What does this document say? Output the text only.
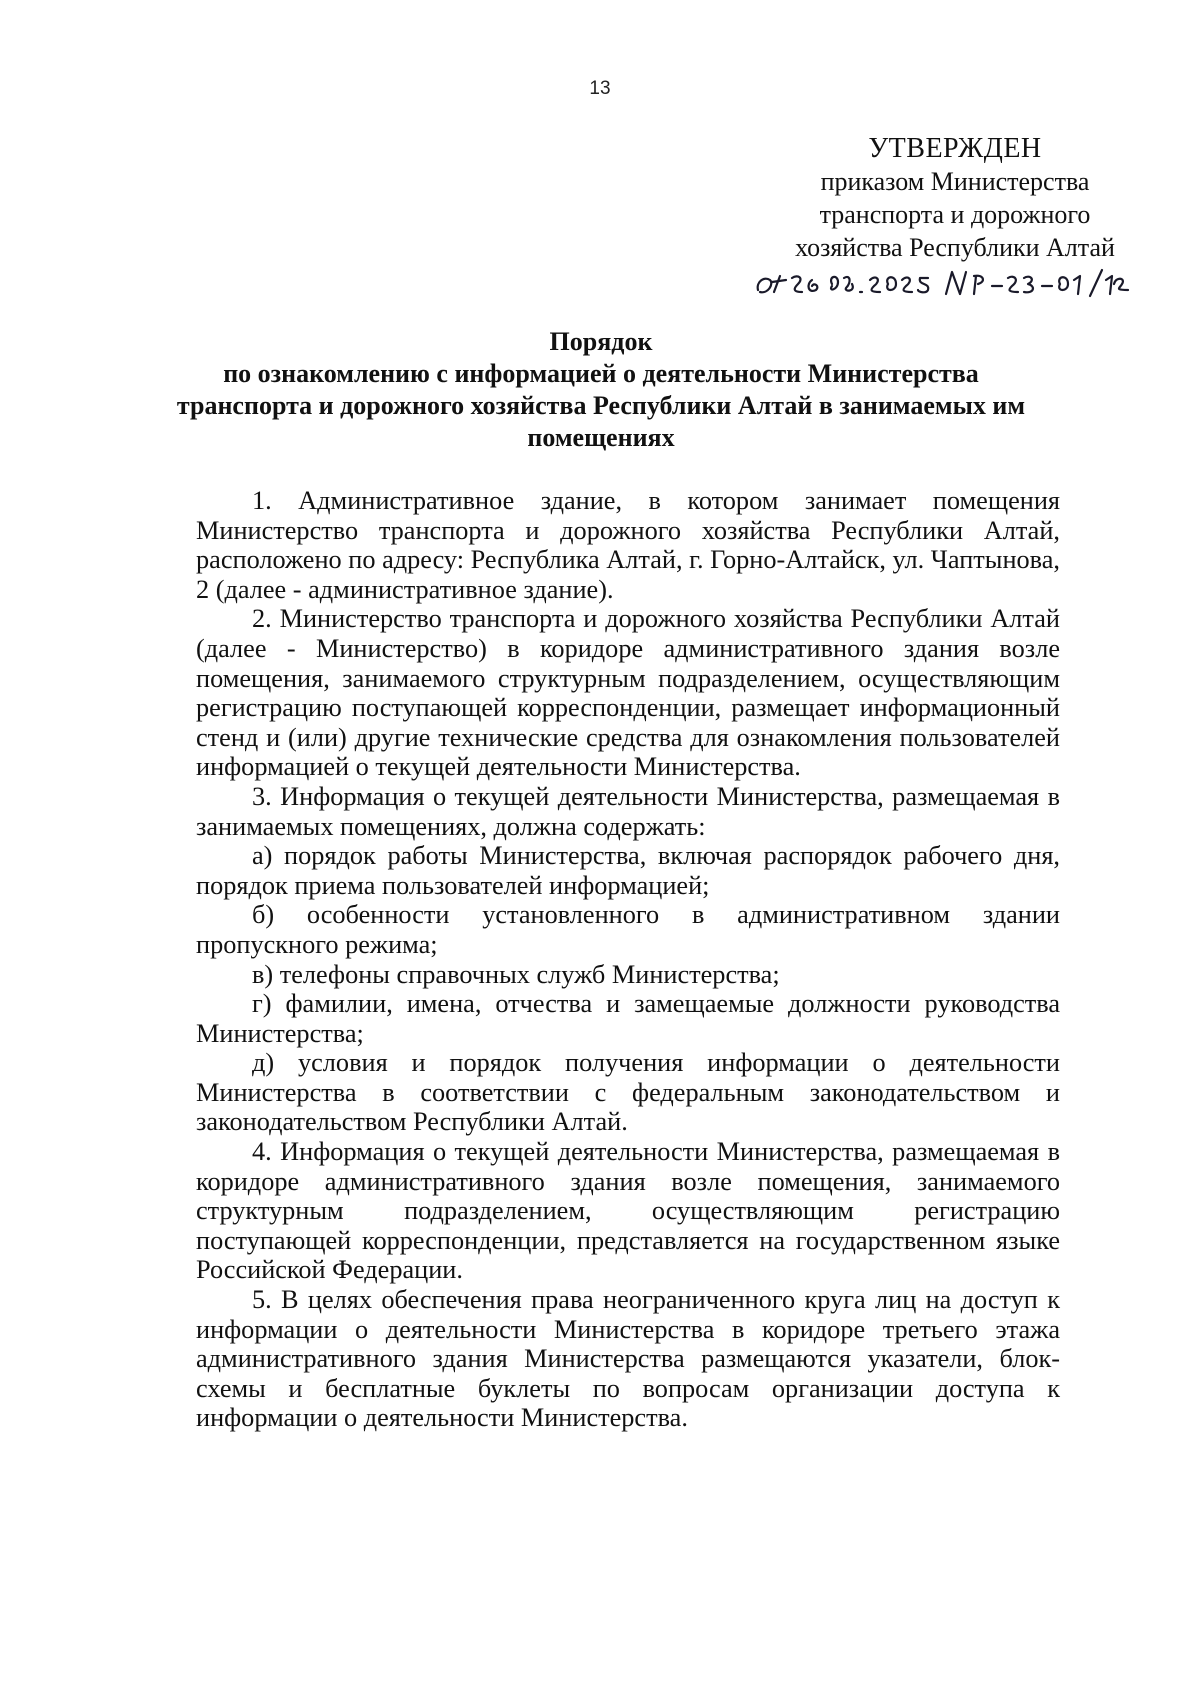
13
УТВЕРЖДЕН
приказом Министерства
транспорта и дорожного
хозяйства Республики Алтай
Порядок
по ознакомлению с информацией о деятельности Министерства
транспорта и дорожного хозяйства Республики Алтай в занимаемых им
помещениях

1. Административное здание, в котором занимает помещения Министерство транспорта и дорожного хозяйства Республики Алтай, расположено по адресу: Республика Алтай, г. Горно-Алтайск, ул. Чаптынова, 2 (далее - административное здание).

2. Министерство транспорта и дорожного хозяйства Республики Алтай (далее - Министерство) в коридоре административного здания возле помещения, занимаемого структурным подразделением, осуществляющим регистрацию поступающей корреспонденции, размещает информационный стенд и (или) другие технические средства для ознакомления пользователей информацией о текущей деятельности Министерства.

3. Информация о текущей деятельности Министерства, размещаемая в занимаемых помещениях, должна содержать:

а) порядок работы Министерства, включая распорядок рабочего дня, порядок приема пользователей информацией;

б) особенности установленного в административном здании пропускного режима;

в) телефоны справочных служб Министерства;

г) фамилии, имена, отчества и замещаемые должности руководства Министерства;

д) условия и порядок получения информации о деятельности Министерства в соответствии с федеральным законодательством и законодательством Республики Алтай.

4. Информация о текущей деятельности Министерства, размещаемая в коридоре административного здания возле помещения, занимаемого структурным подразделением, осуществляющим регистрацию поступающей корреспонденции, представляется на государственном языке Российской Федерации.

5. В целях обеспечения права неограниченного круга лиц на доступ к информации о деятельности Министерства в коридоре третьего этажа административного здания Министерства размещаются указатели, блок-схемы и бесплатные буклеты по вопросам организации доступа к информации о деятельности Министерства.
